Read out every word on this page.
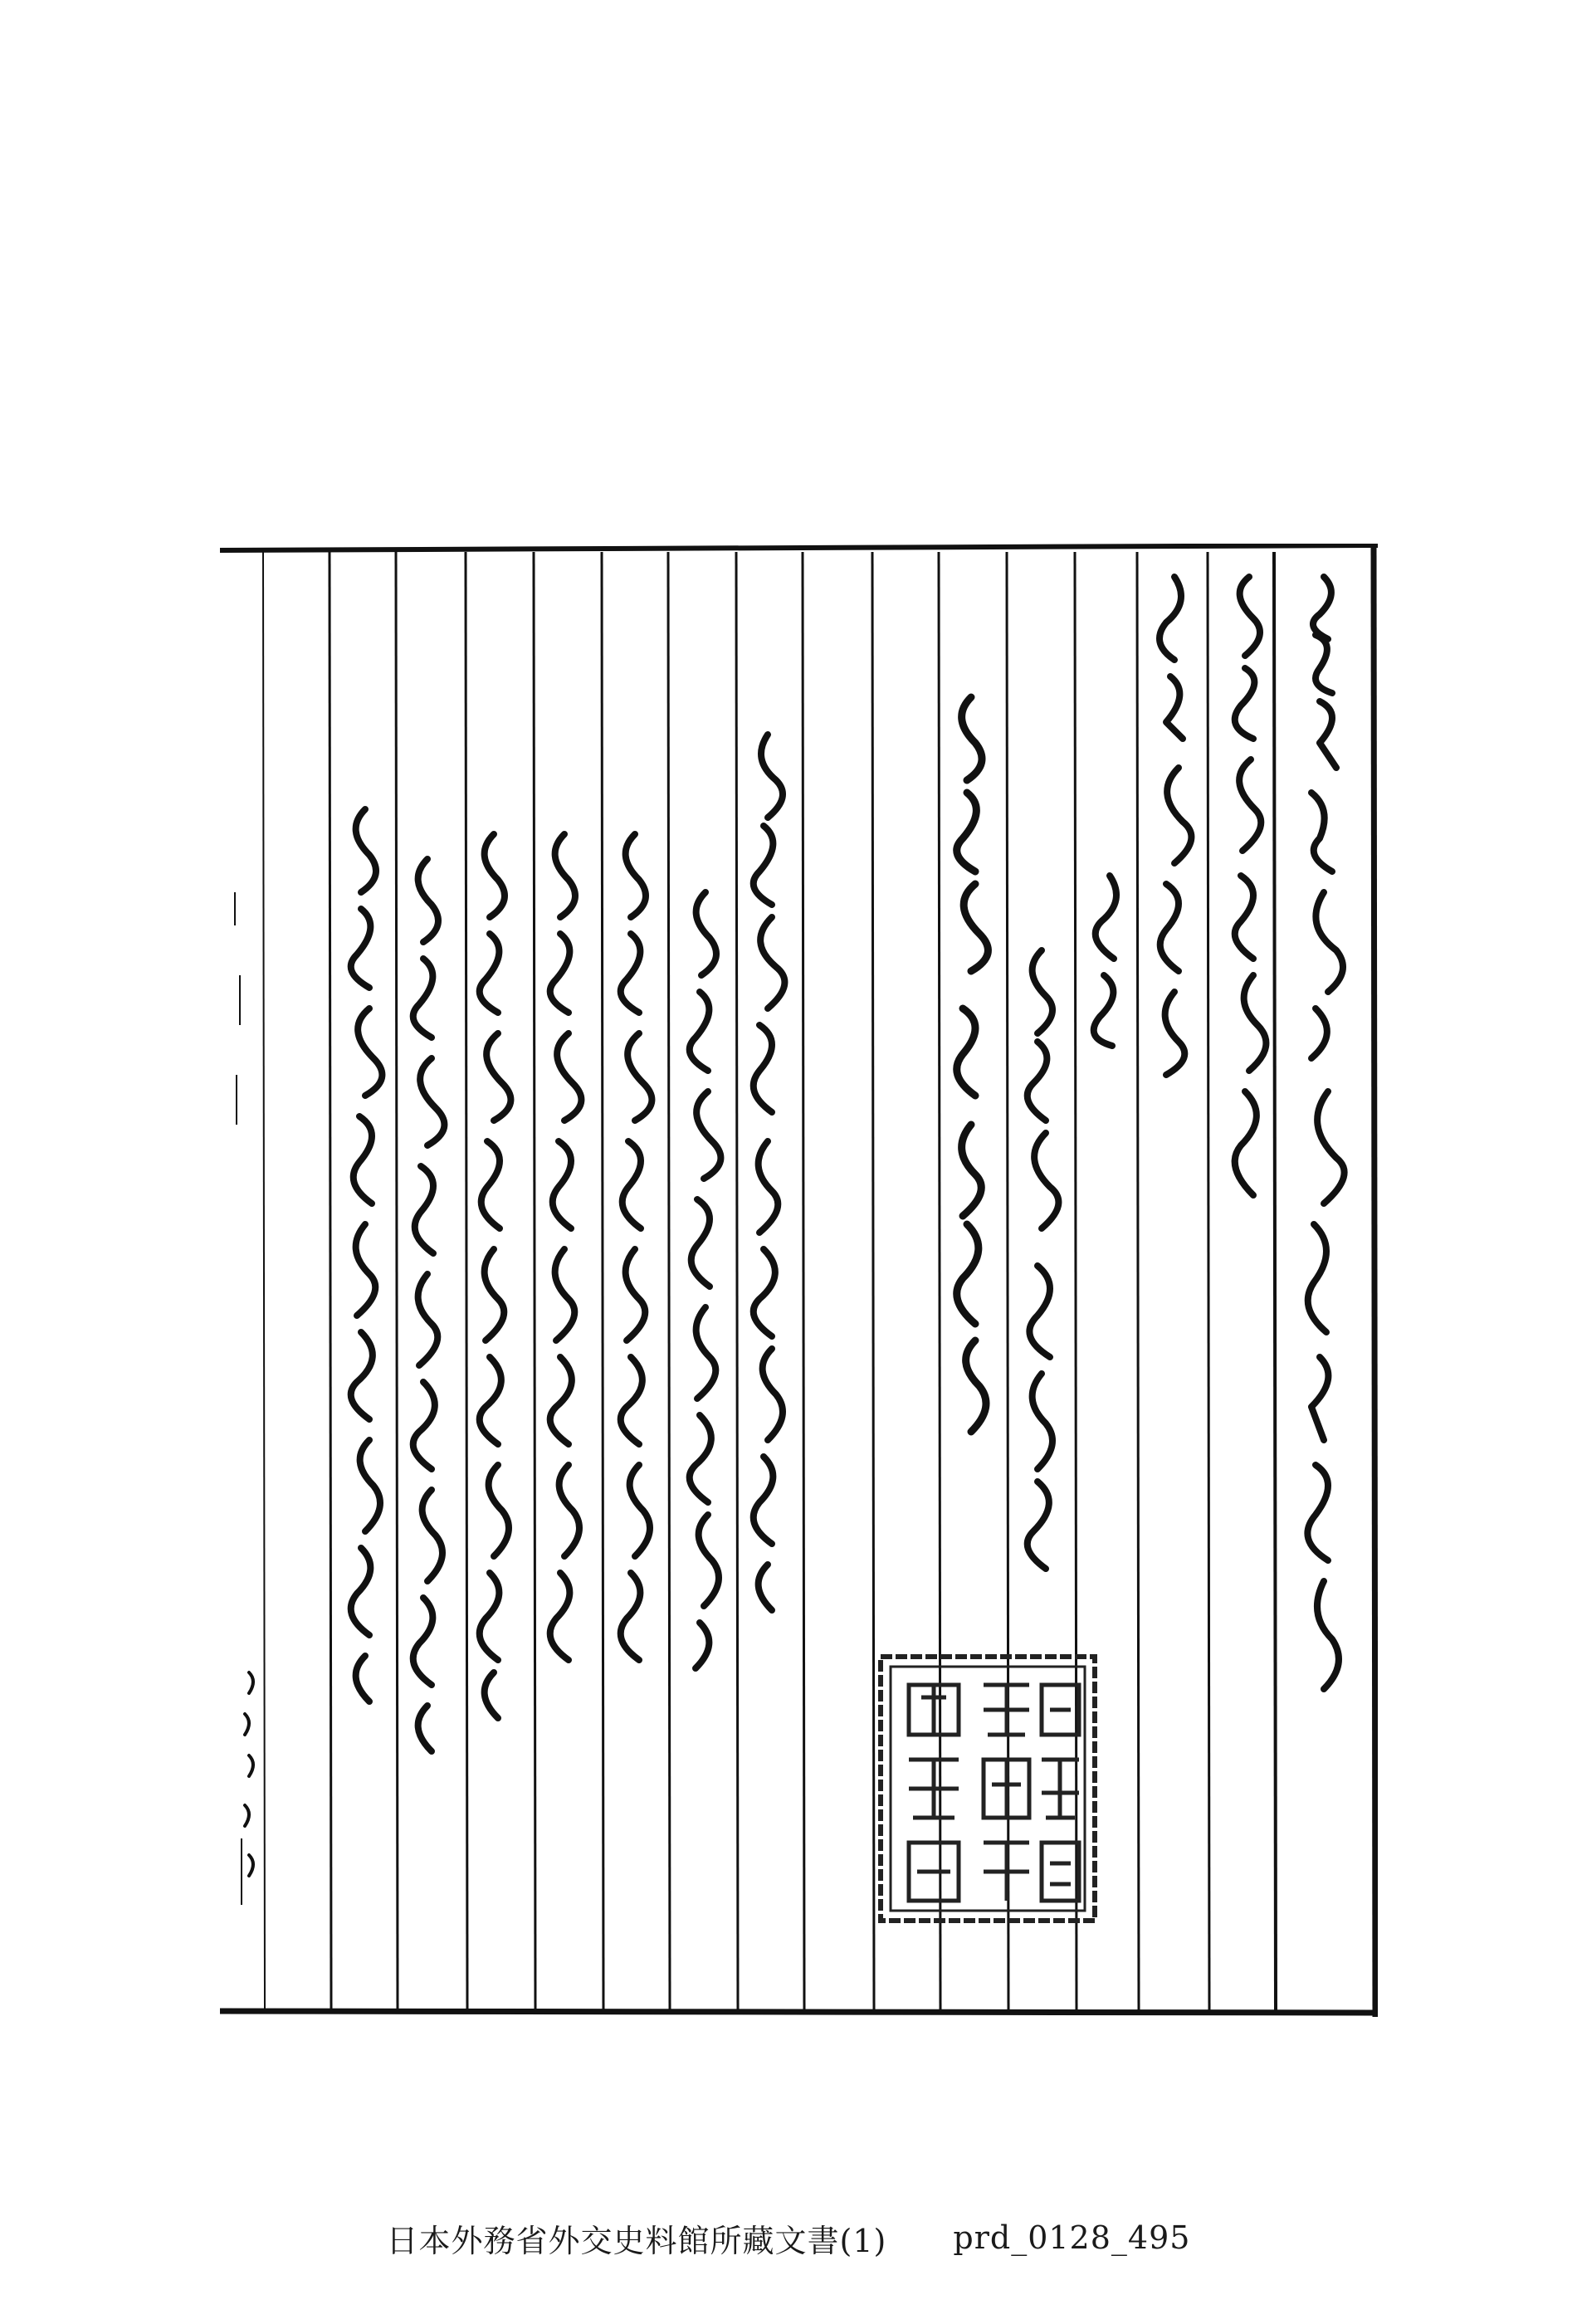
日本外務省外交史料館所藏文書(1) prd_0128_495
